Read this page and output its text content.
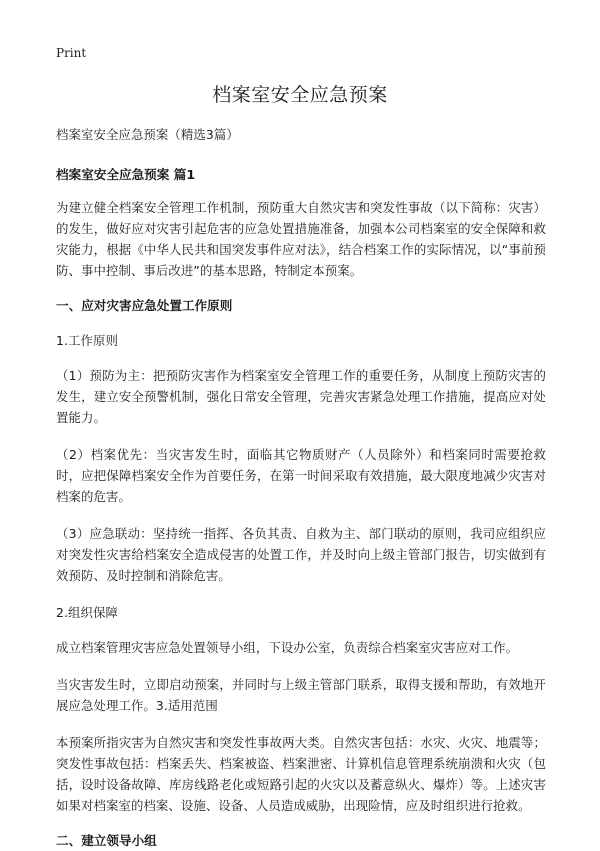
Print
档案室安全应急预案

档案室安全应急预案（精选3篇）

档案室安全应急预案 篇1

为建立健全档案安全管理工作机制，预防重大自然灾害和突发性事故（以下简称：灾害）的发生，做好应对灾害引起危害的应急处置措施准备，加强本公司档案室的安全保障和救灾能力，根据《中华人民共和国突发事件应对法》，结合档案工作的实际情况，以“事前预防、事中控制、事后改进”的基本思路，特制定本预案。

一、应对灾害应急处置工作原则

1.工作原则

（1）预防为主：把预防灾害作为档案室安全管理工作的重要任务，从制度上预防灾害的发生，建立安全预警机制，强化日常安全管理，完善灾害紧急处理工作措施，提高应对处置能力。

（2）档案优先：当灾害发生时，面临其它物质财产（人员除外）和档案同时需要抢救时，应把保障档案安全作为首要任务，在第一时间采取有效措施，最大限度地减少灾害对档案的危害。

（3）应急联动：坚持统一指挥、各负其责、自救为主、部门联动的原则，我司应组织应对突发性灾害给档案安全造成侵害的处置工作，并及时向上级主管部门报告，切实做到有效预防、及时控制和消除危害。

2.组织保障

成立档案管理灾害应急处置领导小组，下设办公室，负责综合档案室灾害应对工作。

当灾害发生时，立即启动预案，并同时与上级主管部门联系，取得支援和帮助，有效地开展应急处理工作。3.适用范围

本预案所指灾害为自然灾害和突发性事故两大类。自然灾害包括：水灾、火灾、地震等；突发性事故包括：档案丢失、档案被盗、档案泄密、计算机信息管理系统崩溃和火灾（包括，设时设备故障、库房线路老化或短路引起的火灾以及蓄意纵火、爆炸）等。上述灾害如果对档案室的档案、设施、设备、人员造成威胁，出现险情，应及时组织进行抢救。

二、建立领导小组
